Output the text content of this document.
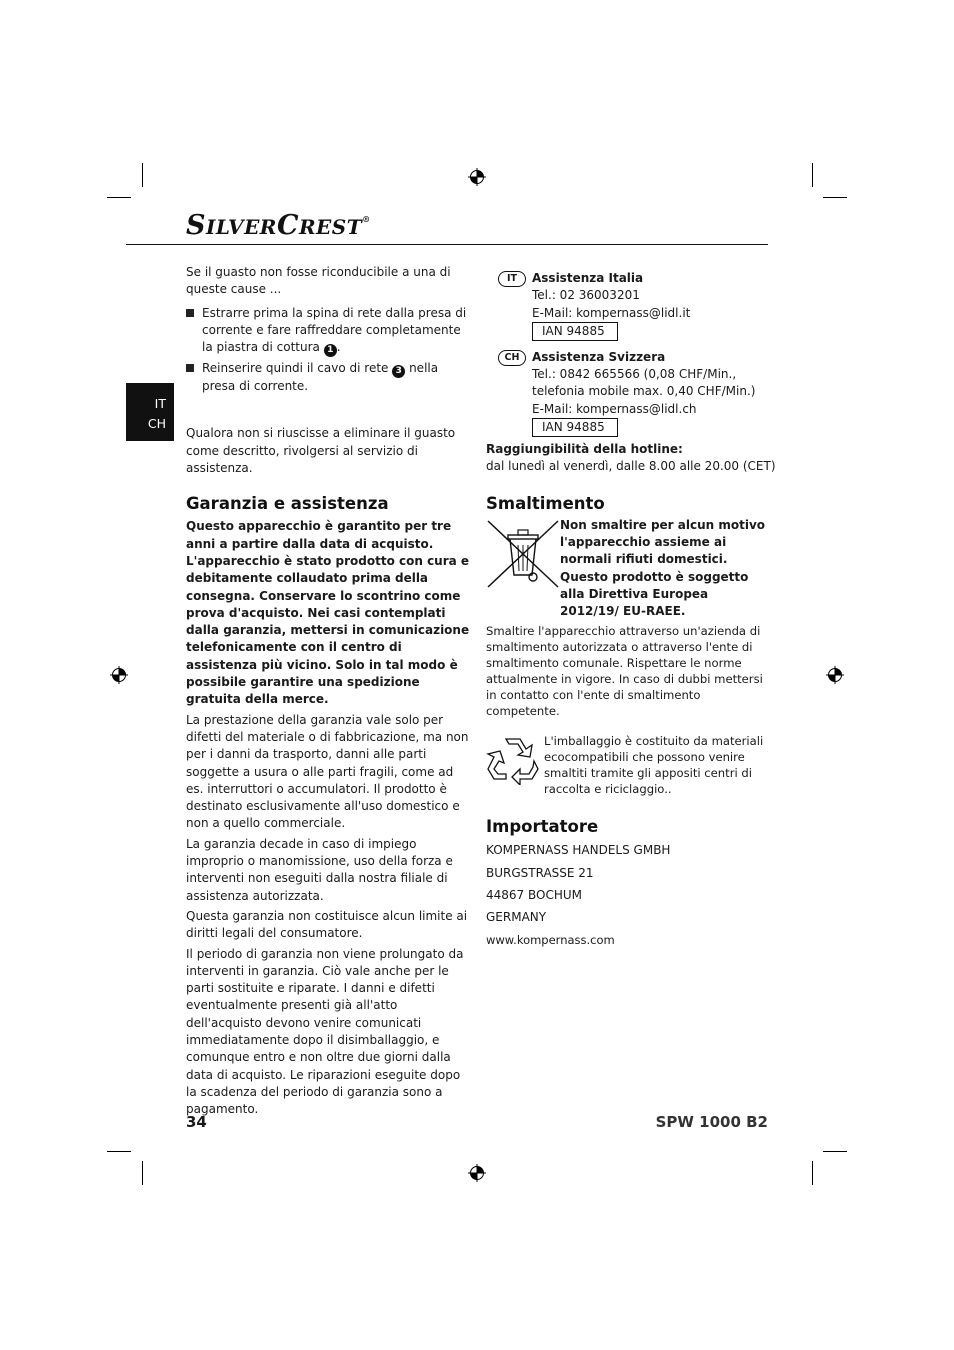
SILVERCREST®
IT
CH

Se il guasto non fosse riconducibile a una di queste cause ...

Estrarre prima la spina di rete dalla presa di corrente e fare raffreddare completamente la piastra di cottura 1 .
Reinserire quindi il cavo di rete 3 nella presa di corrente.

Qualora non si riuscisse a eliminare il guasto come descritto, rivolgersi al servizio di assistenza.

Garanzia e assistenza

Questo apparecchio è garantito per tre anni a partire dalla data di acquisto. L'apparecchio è stato prodotto con cura e debitamente collaudato prima della consegna. Conservare lo scontrino come prova d'acquisto. Nei casi contemplati dalla garanzia, mettersi in comunicazione telefonicamente con il centro di assistenza più vicino. Solo in tal modo è possibile garantire una spedizione gratuita della merce.

La prestazione della garanzia vale solo per difetti del materiale o di fabbricazione, ma non per i danni da trasporto, danni alle parti soggette a usura o alle parti fragili, come ad es. interruttori o accumulatori. Il prodotto è destinato esclusivamente all'uso domestico e non a quello commerciale.

La garanzia decade in caso di impiego improprio o manomissione, uso della forza e interventi non eseguiti dalla nostra filiale di assistenza autorizzata.

Questa garanzia non costituisce alcun limite ai diritti legali del consumatore.

Il periodo di garanzia non viene prolungato da interventi in garanzia. Ciò vale anche per le parti sostituite e riparate. I danni e difetti eventualmente presenti già all'atto dell'acquisto devono venire comunicati immediatamente dopo il disimballaggio, e comunque entro e non oltre due giorni dalla data di acquisto. Le riparazioni eseguite dopo la scadenza del periodo di garanzia sono a pagamento.

IT	Assistenza Italia

Tel.: 02 36003201

E-Mail: kompernass@lidl.it

IAN 94885
CH	Assistenza Svizzera

Tel.: 0842 665566 (0,08 CHF/Min.,

telefonia mobile max. 0,40 CHF/Min.)

E-Mail: kompernass@lidl.ch

IAN 94885

Raggiungibilità della hotline:

dal lunedì al venerdì, dalle 8.00 alle 20.00 (CET)

Smaltimento

Non smaltire per alcun motivo l'apparecchio assieme ai normali rifiuti domestici. Questo prodotto è soggetto alla Direttiva Europea 2012/19/ EU-RAEE.

Smaltire l'apparecchio attraverso un'azienda di smaltimento autorizzata o attraverso l'ente di smaltimento comunale. Rispettare le norme attualmente in vigore. In caso di dubbi mettersi in contatto con l'ente di smaltimento competente.

L'imballaggio è costituito da materiali ecocompatibili che possono venire smaltiti tramite gli appositi centri di raccolta e riciclaggio..

Importatore

KOMPERNASS HANDELS GMBH

BURGSTRASSE 21

44867 BOCHUM

GERMANY

www.kompernass.com

34	SPW 1000 B2
